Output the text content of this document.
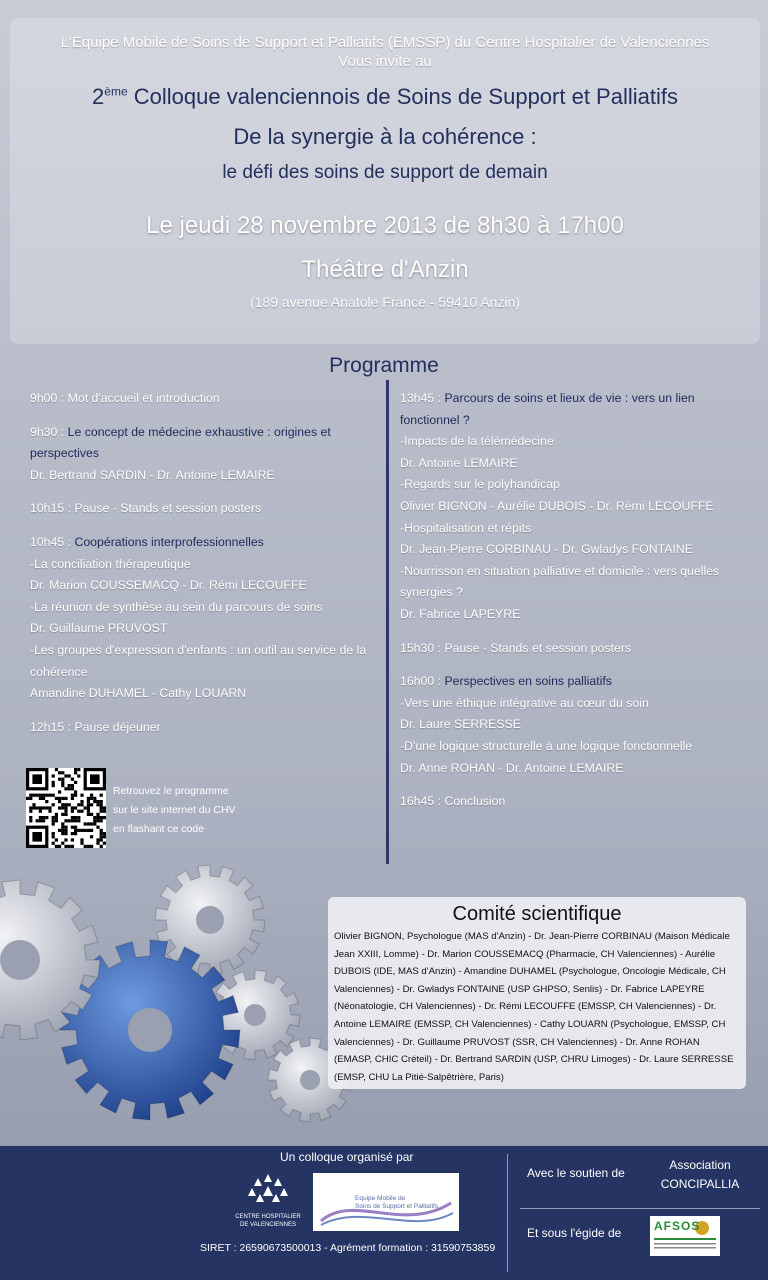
L'Equipe Mobile de Soins de Support et Palliatifs (EMSSP) du Centre Hospitalier de Valenciennes
Vous invite au
2ème Colloque valenciennois de Soins de Support et Palliatifs
De la synergie à la cohérence :
le défi des soins de support de demain
Le jeudi 28 novembre 2013 de 8h30 à 17h00
Théâtre d'Anzin
(189 avenue Anatole France - 59410 Anzin)
Programme
9h00 : Mot d'accueil et introduction
9h30 : Le concept de médecine exhaustive : origines et perspectives
Dr. Bertrand SARDIN - Dr. Antoine LEMAIRE
10h15 : Pause - Stands et session posters
10h45 : Coopérations interprofessionnelles
-La conciliation thérapeutique
Dr. Marion COUSSEMACQ - Dr. Rémi LECOUFFE
-La réunion de synthèse au sein du parcours de soins
Dr. Guillaume PRUVOST
-Les groupes d'expression d'enfants : un outil au service de la cohérence
Amandine DUHAMEL - Cathy LOUARN
12h15 : Pause déjeuner
13h45 : Parcours de soins et lieux de vie : vers un lien fonctionnel ?
-Impacts de la télémédecine
Dr. Antoine LEMAIRE
-Regards sur le polyhandicap
Olivier BIGNON - Aurélie DUBOIS - Dr. Rémi LECOUFFE
-Hospitalisation et répits
Dr. Jean-Pierre CORBINAU - Dr. Gwladys FONTAINE
-Nourrisson en situation palliative et domicile : vers quelles synergies ?
Dr. Fabrice LAPEYRE
15h30 : Pause - Stands et session posters
16h00 : Perspectives en soins palliatifs
-Vers une éthique intégrative au cœur du soin
Dr. Laure SERRESSE
-D'une logique structurelle à une logique fonctionnelle
Dr. Anne ROHAN - Dr. Antoine LEMAIRE
16h45 : Conclusion
Retrouvez le programme
sur le site internet du CHV
en flashant ce code
Comité scientifique
Olivier BIGNON, Psychologue (MAS d'Anzin) - Dr. Jean-Pierre CORBINAU (Maison Médicale Jean XXIII, Lomme) - Dr. Marion COUSSEMACQ (Pharmacie, CH Valenciennes) - Aurélie DUBOIS (IDE, MAS d'Anzin) - Amandine DUHAMEL (Psychologue, Oncologie Médicale, CH Valenciennes) - Dr. Gwladys FONTAINE (USP GHPSO, Senlis) - Dr. Fabrice LAPEYRE (Néonatologie, CH Valenciennes) - Dr. Rémi LECOUFFE (EMSSP, CH Valenciennes) - Dr. Antoine LEMAIRE (EMSSP, CH Valenciennes) - Cathy LOUARN (Psychologue, EMSSP, CH Valenciennes) - Dr. Guillaume PRUVOST (SSR, CH Valenciennes) - Dr. Anne ROHAN (EMASP, CHIC Créteil) - Dr. Bertrand SARDIN (USP, CHRU Limoges) - Dr. Laure SERRESSE (EMSP, CHU La Pitié-Salpêtrière, Paris)
Un colloque organisé par
CENTRE HOSPITALIER
DE VALENCIENNES
Equipe Mobile de
Soins de Support et Palliatifs
SIRET : 26590673500013 - Agrément formation : 31590753859
Avec le soutien de
Association
CONCIPALLIA
Et sous l'égide de	AFSOS
